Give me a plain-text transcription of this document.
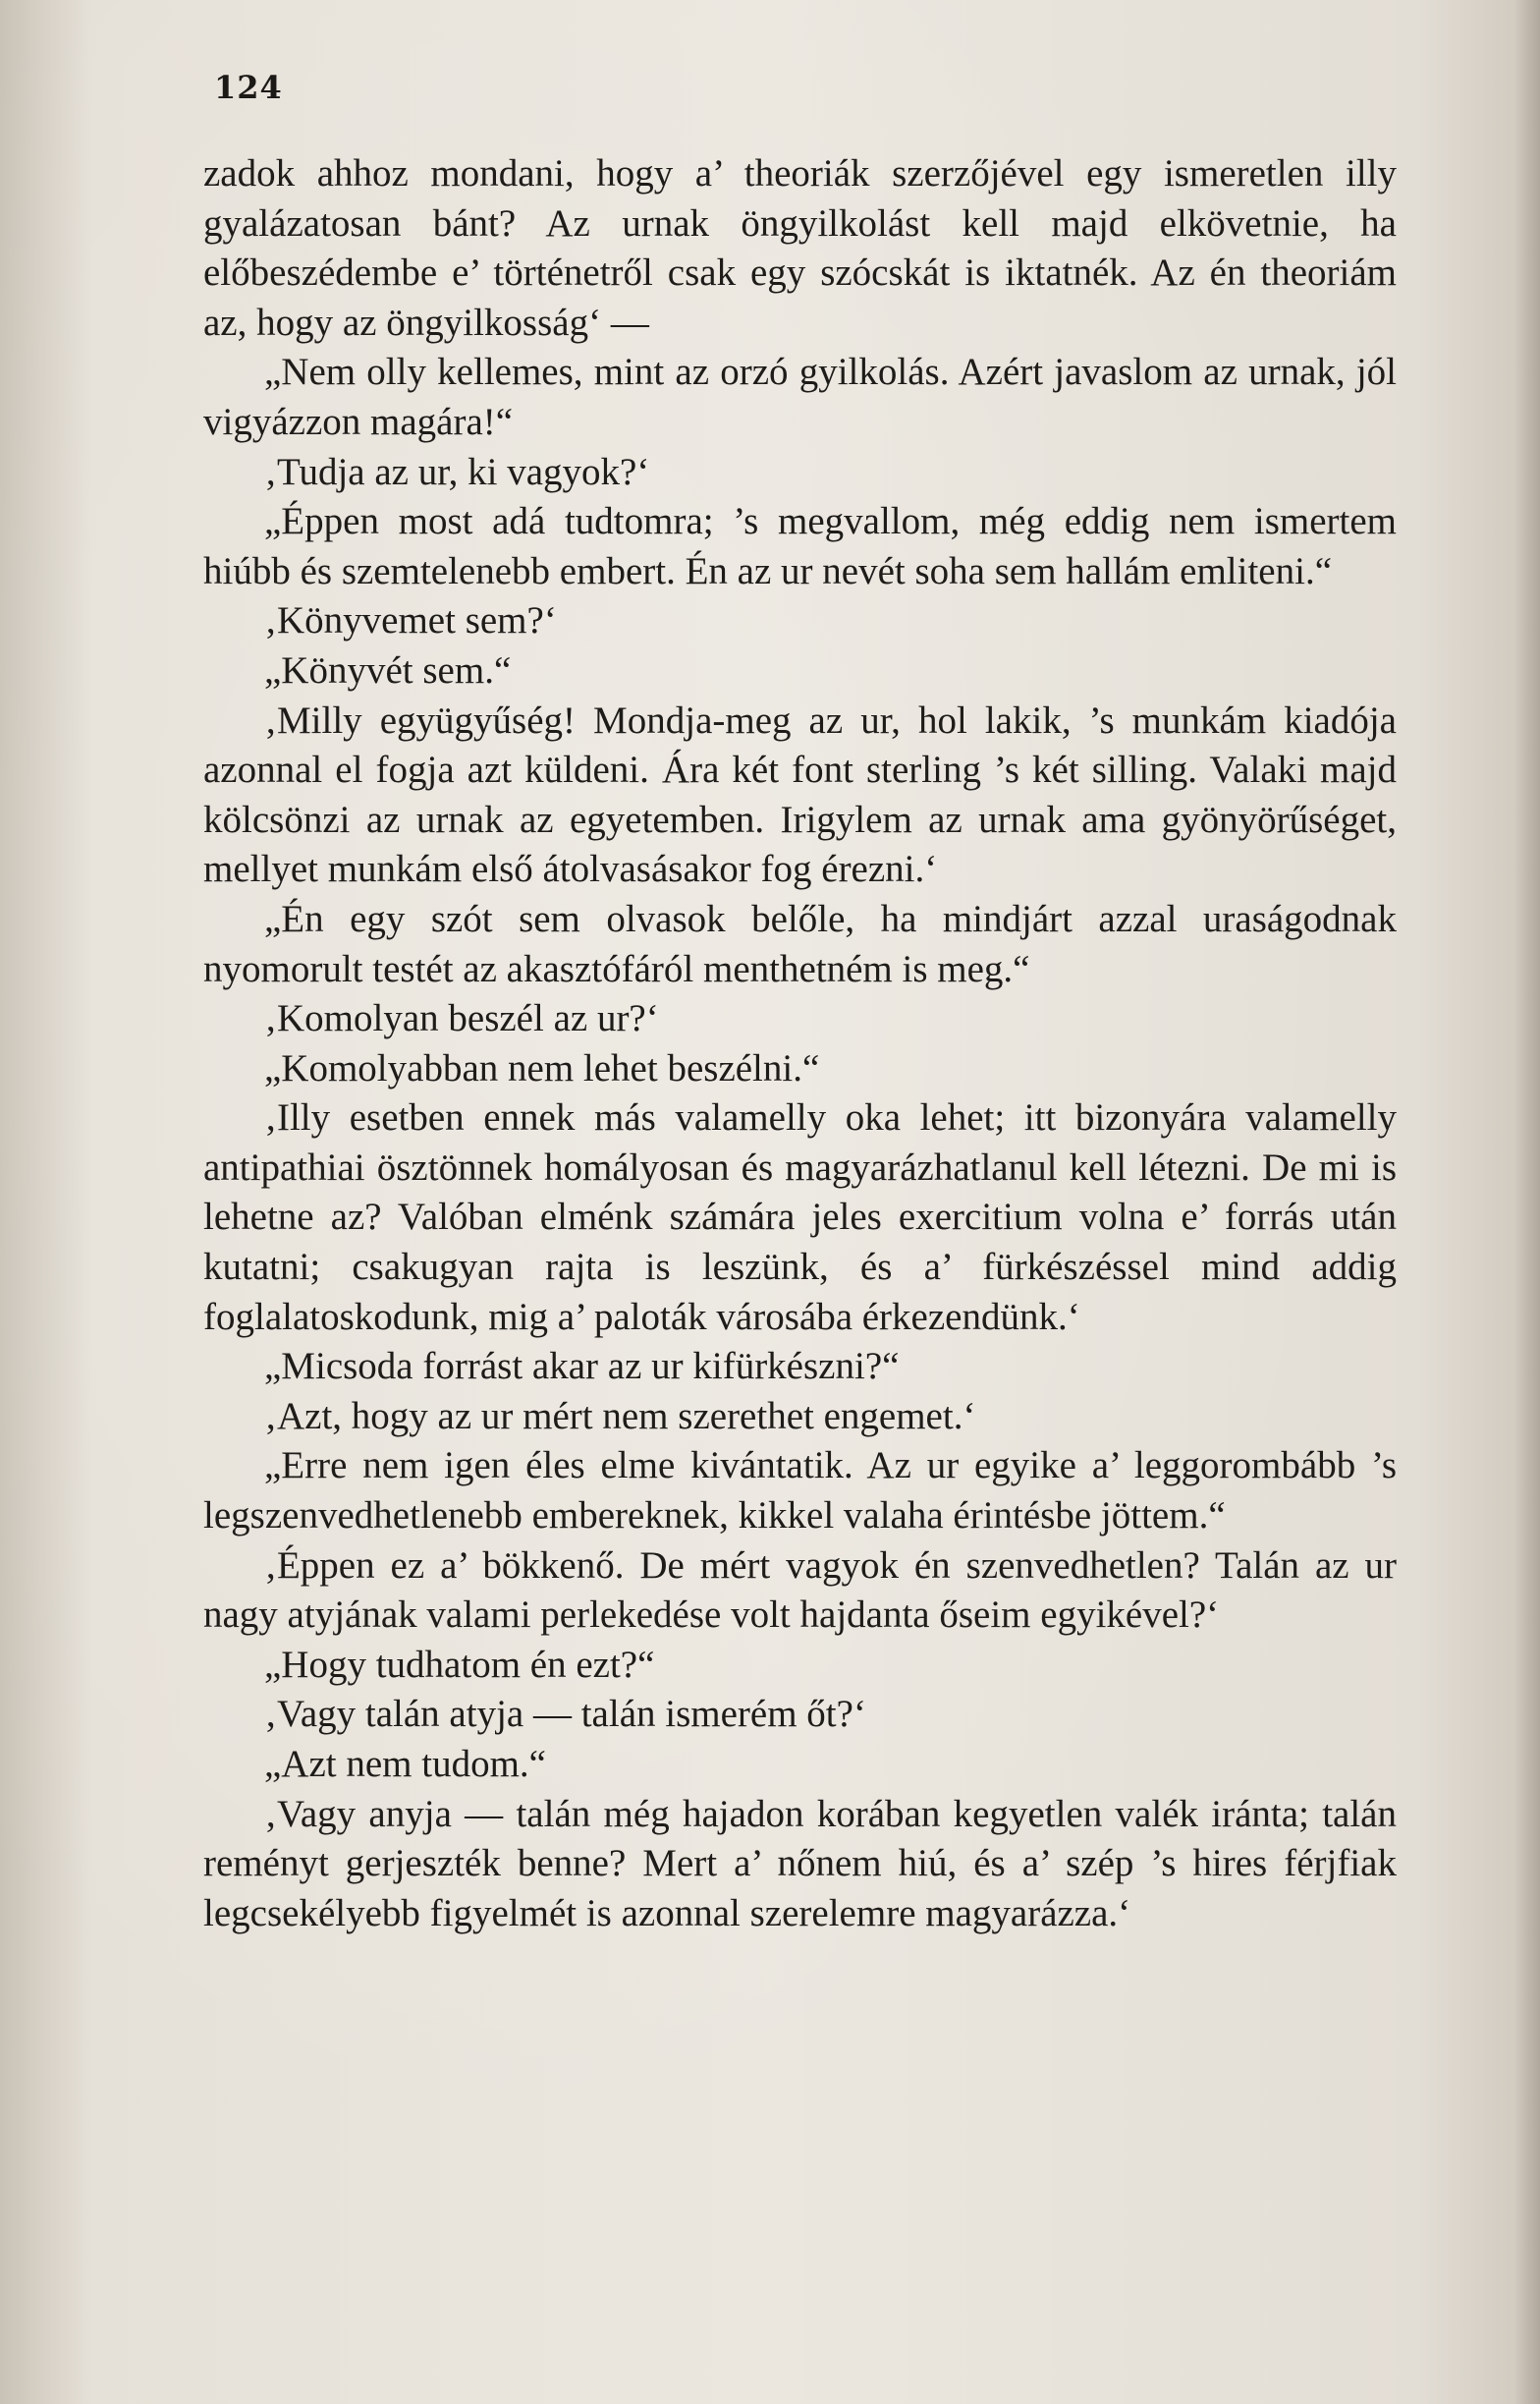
124

zadok ahhoz mondani, hogy a’ theoriák szerzőjével egy ismeretlen illy gyalázatosan bánt? Az urnak öngyilkolást kell majd elkövetnie, ha előbeszédembe e’ történetről csak egy szócskát is iktatnék. Az én theoriám az, hogy az öngyilkosság‘ —

„Nem olly kellemes, mint az orzó gyilkolás. Azért javaslom az urnak, jól vigyázzon magára!“

‚Tudja az ur, ki vagyok?‘

„Éppen most adá tudtomra; ’s megvallom, még eddig nem ismertem hiúbb és szemtelenebb embert. Én az ur nevét soha sem hallám emliteni.“

‚Könyvemet sem?‘

„Könyvét sem.“

‚Milly együgyűség! Mondja-meg az ur, hol lakik, ’s munkám kiadója azonnal el fogja azt küldeni. Ára két font sterling ’s két silling. Valaki majd kölcsönzi az urnak az egyetemben. Irigylem az urnak ama gyönyörűséget, mellyet munkám első átolvasásakor fog érezni.‘

„Én egy szót sem olvasok belőle, ha mindjárt azzal uraságodnak nyomorult testét az akasztófáról menthetném is meg.“

‚Komolyan beszél az ur?‘

„Komolyabban nem lehet beszélni.“

‚Illy esetben ennek más valamelly oka lehet; itt bizonyára valamelly antipathiai ösztönnek homályosan és magyarázhatlanul kell létezni. De mi is lehetne az? Valóban elménk számára jeles exercitium volna e’ forrás után kutatni; csakugyan rajta is leszünk, és a’ fürkészéssel mind addig foglalatoskodunk, mig a’ paloták városába érkezendünk.‘

„Micsoda forrást akar az ur kifürkészni?“

‚Azt, hogy az ur mért nem szerethet engemet.‘

„Erre nem igen éles elme kivántatik. Az ur egyike a’ leggorombább ’s legszenvedhetlenebb embereknek, kikkel valaha érintésbe jöttem.“

‚Éppen ez a’ bökkenő. De mért vagyok én szenvedhetlen? Talán az ur nagy atyjának valami perlekedése volt hajdanta őseim egyikével?‘

„Hogy tudhatom én ezt?“

‚Vagy talán atyja — talán ismerém őt?‘

„Azt nem tudom.“

‚Vagy anyja — talán még hajadon korában kegyetlen valék iránta; talán reményt gerjeszték benne? Mert a’ nőnem hiú, és a’ szép ’s hires férjfiak legcsekélyebb figyelmét is azonnal szerelemre magyarázza.‘
